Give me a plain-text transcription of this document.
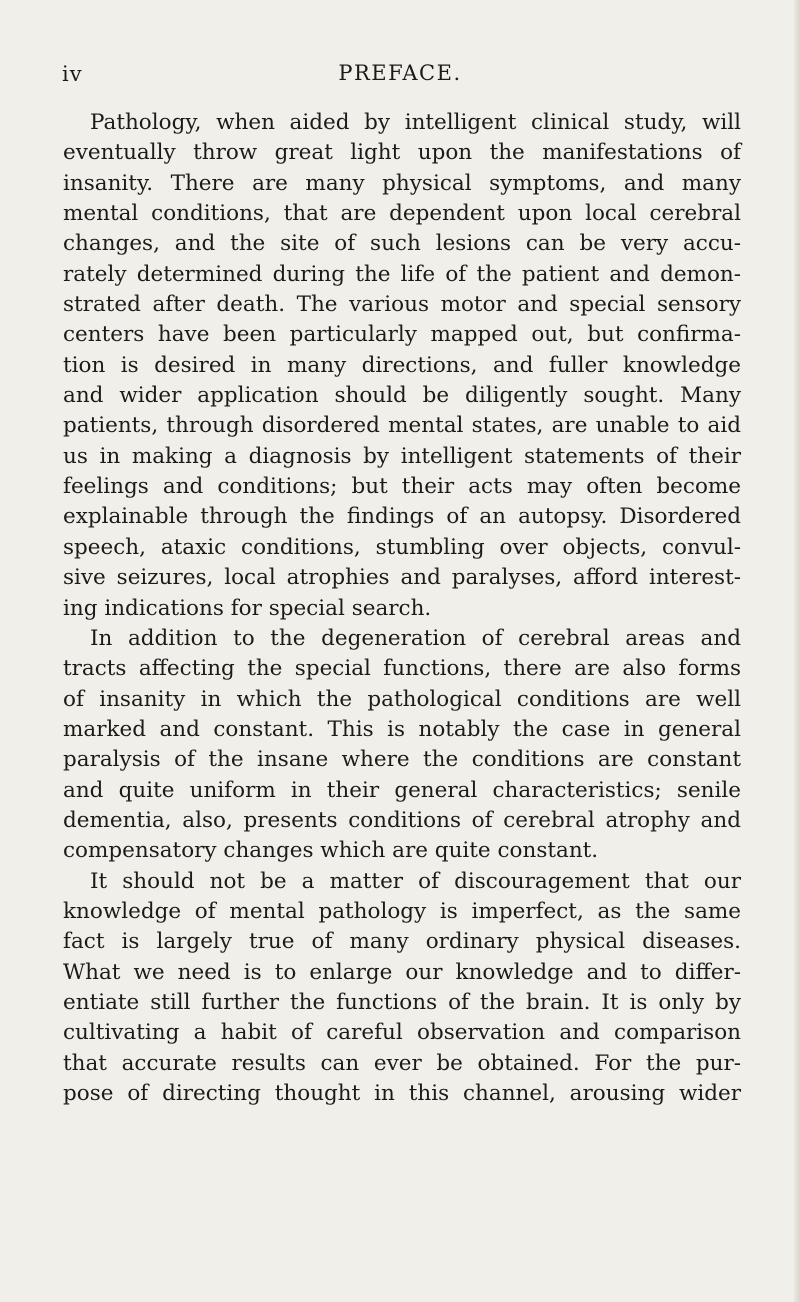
iv	PREFACE.
Pathology, when aided by intelligent clinical study, will
eventually throw great light upon the manifestations of
insanity. There are many physical symptoms, and many
mental conditions, that are dependent upon local cerebral
changes, and the site of such lesions can be very accu-
rately determined during the life of the patient and demon-
strated after death. The various motor and special sensory
centers have been particularly mapped out, but confirma-
tion is desired in many directions, and fuller knowledge
and wider application should be diligently sought. Many
patients, through disordered mental states, are unable to aid
us in making a diagnosis by intelligent statements of their
feelings and conditions; but their acts may often become
explainable through the findings of an autopsy. Disordered
speech, ataxic conditions, stumbling over objects, convul-
sive seizures, local atrophies and paralyses, afford interest-
ing indications for special search.
In addition to the degeneration of cerebral areas and
tracts affecting the special functions, there are also forms
of insanity in which the pathological conditions are well
marked and constant. This is notably the case in general
paralysis of the insane where the conditions are constant
and quite uniform in their general characteristics; senile
dementia, also, presents conditions of cerebral atrophy and
compensatory changes which are quite constant.
It should not be a matter of discouragement that our
knowledge of mental pathology is imperfect, as the same
fact is largely true of many ordinary physical diseases.
What we need is to enlarge our knowledge and to differ-
entiate still further the functions of the brain. It is only by
cultivating a habit of careful observation and comparison
that accurate results can ever be obtained. For the pur-
pose of directing thought in this channel, arousing wider
